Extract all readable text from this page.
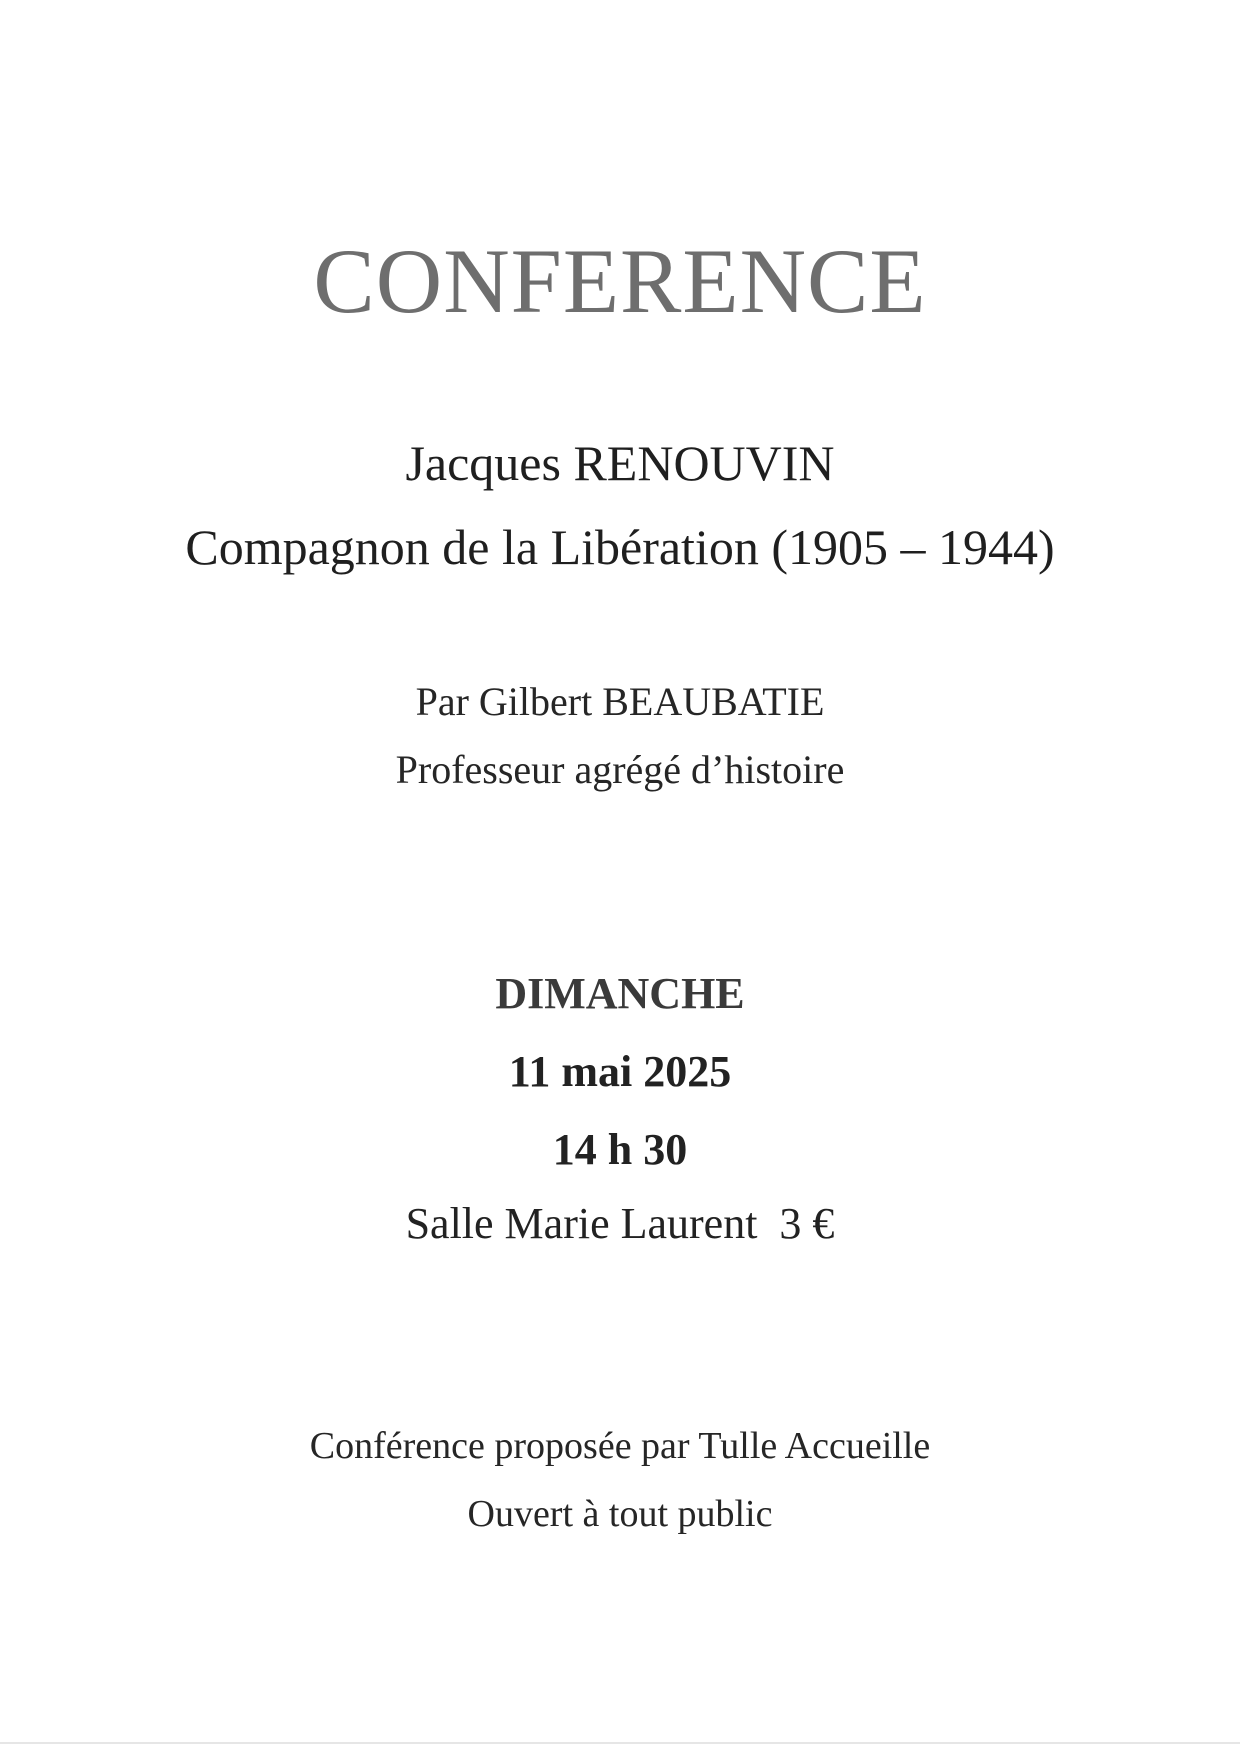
CONFERENCE

Jacques RENOUVIN

Compagnon de la Libération (1905 – 1944)

Par Gilbert BEAUBATIE

Professeur agrégé d’histoire

DIMANCHE

11 mai 2025

14 h 30

Salle Marie Laurent 3 €

Conférence proposée par Tulle Accueille

Ouvert à tout public
